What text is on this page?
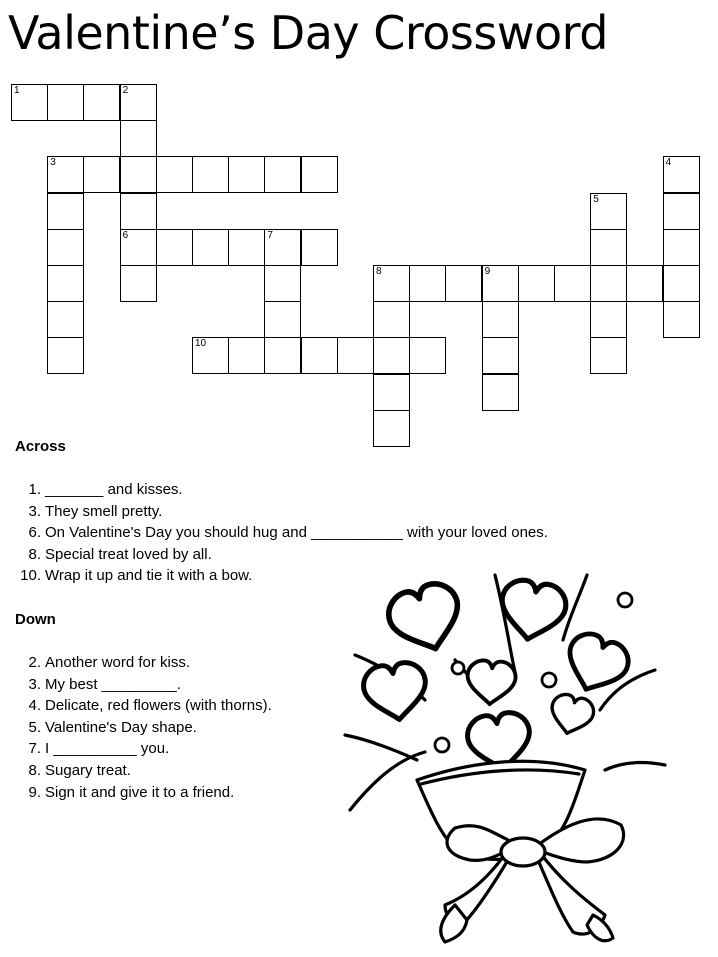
Valentine’s Day Crossword
1	2
3	4
5
6	7
8	9
10
Across
1. _______ and kisses.
3. They smell pretty.
6. On Valentine's Day you should hug and ___________ with your loved ones.
8. Special treat loved by all.
10. Wrap it up and tie it with a bow.
Down
2. Another word for kiss.
3. My best _________.
4. Delicate, red flowers (with thorns).
5. Valentine's Day shape.
7. I __________ you.
8. Sugary treat.
9. Sign it and give it to a friend.
